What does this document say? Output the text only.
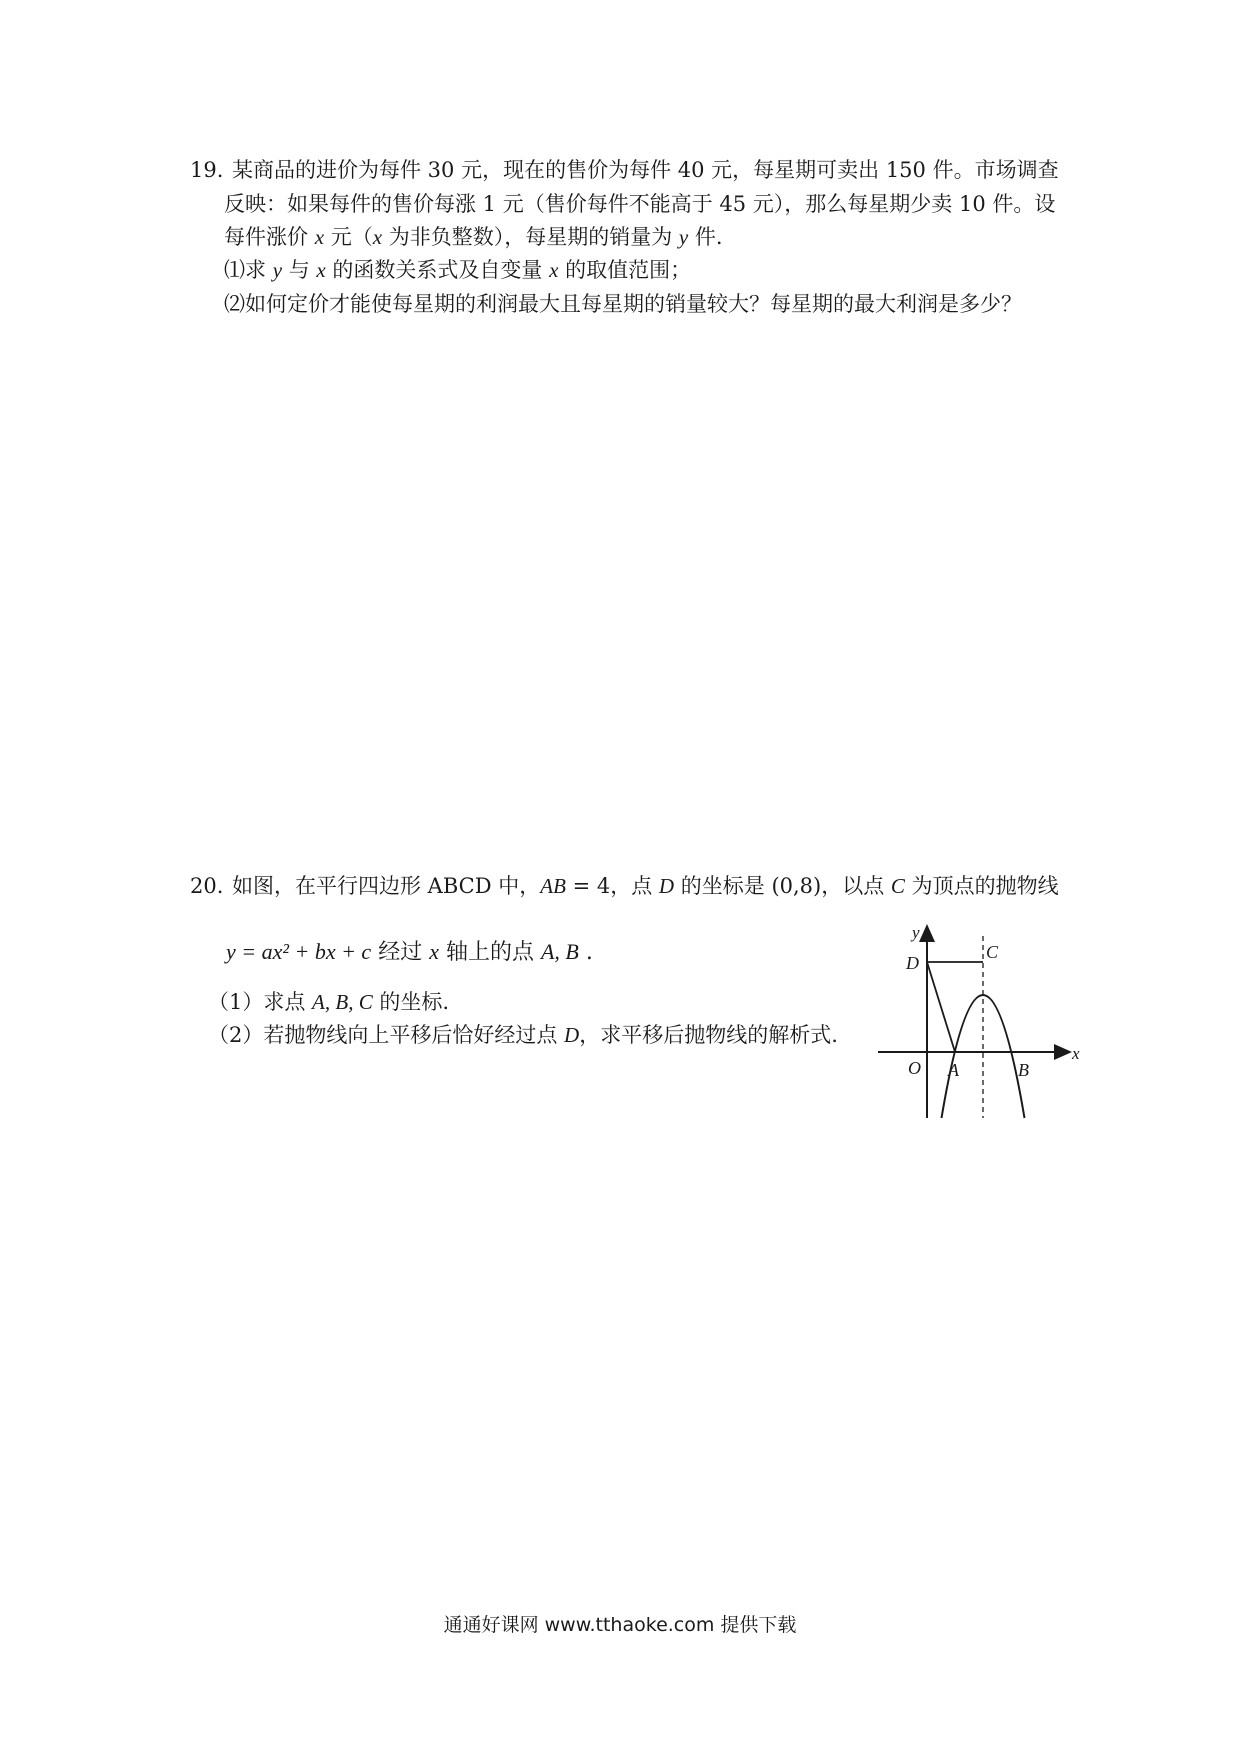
19. 某商品的进价为每件 30 元，现在的售价为每件 40 元，每星期可卖出 150 件。市场调查
反映：如果每件的售价每涨 1 元（售价每件不能高于 45 元），那么每星期少卖 10 件。设
每件涨价 x 元（x 为非负整数），每星期的销量为 y 件.
⑴求 y 与 x 的函数关系式及自变量 x 的取值范围；
⑵如何定价才能使每星期的利润最大且每星期的销量较大？每星期的最大利润是多少？
20. 如图，在平行四边形 ABCD 中，AB = 4，点 D 的坐标是 (0,8)，以点 C 为顶点的抛物线
y = ax² + bx + c 经过 x 轴上的点 A, B .
（1）求点 A, B, C 的坐标.
（2）若抛物线向上平移后恰好经过点 D，求平移后抛物线的解析式.
y
x
D
C
O A	B
通通好课网 www.tthaoke.com 提供下载
